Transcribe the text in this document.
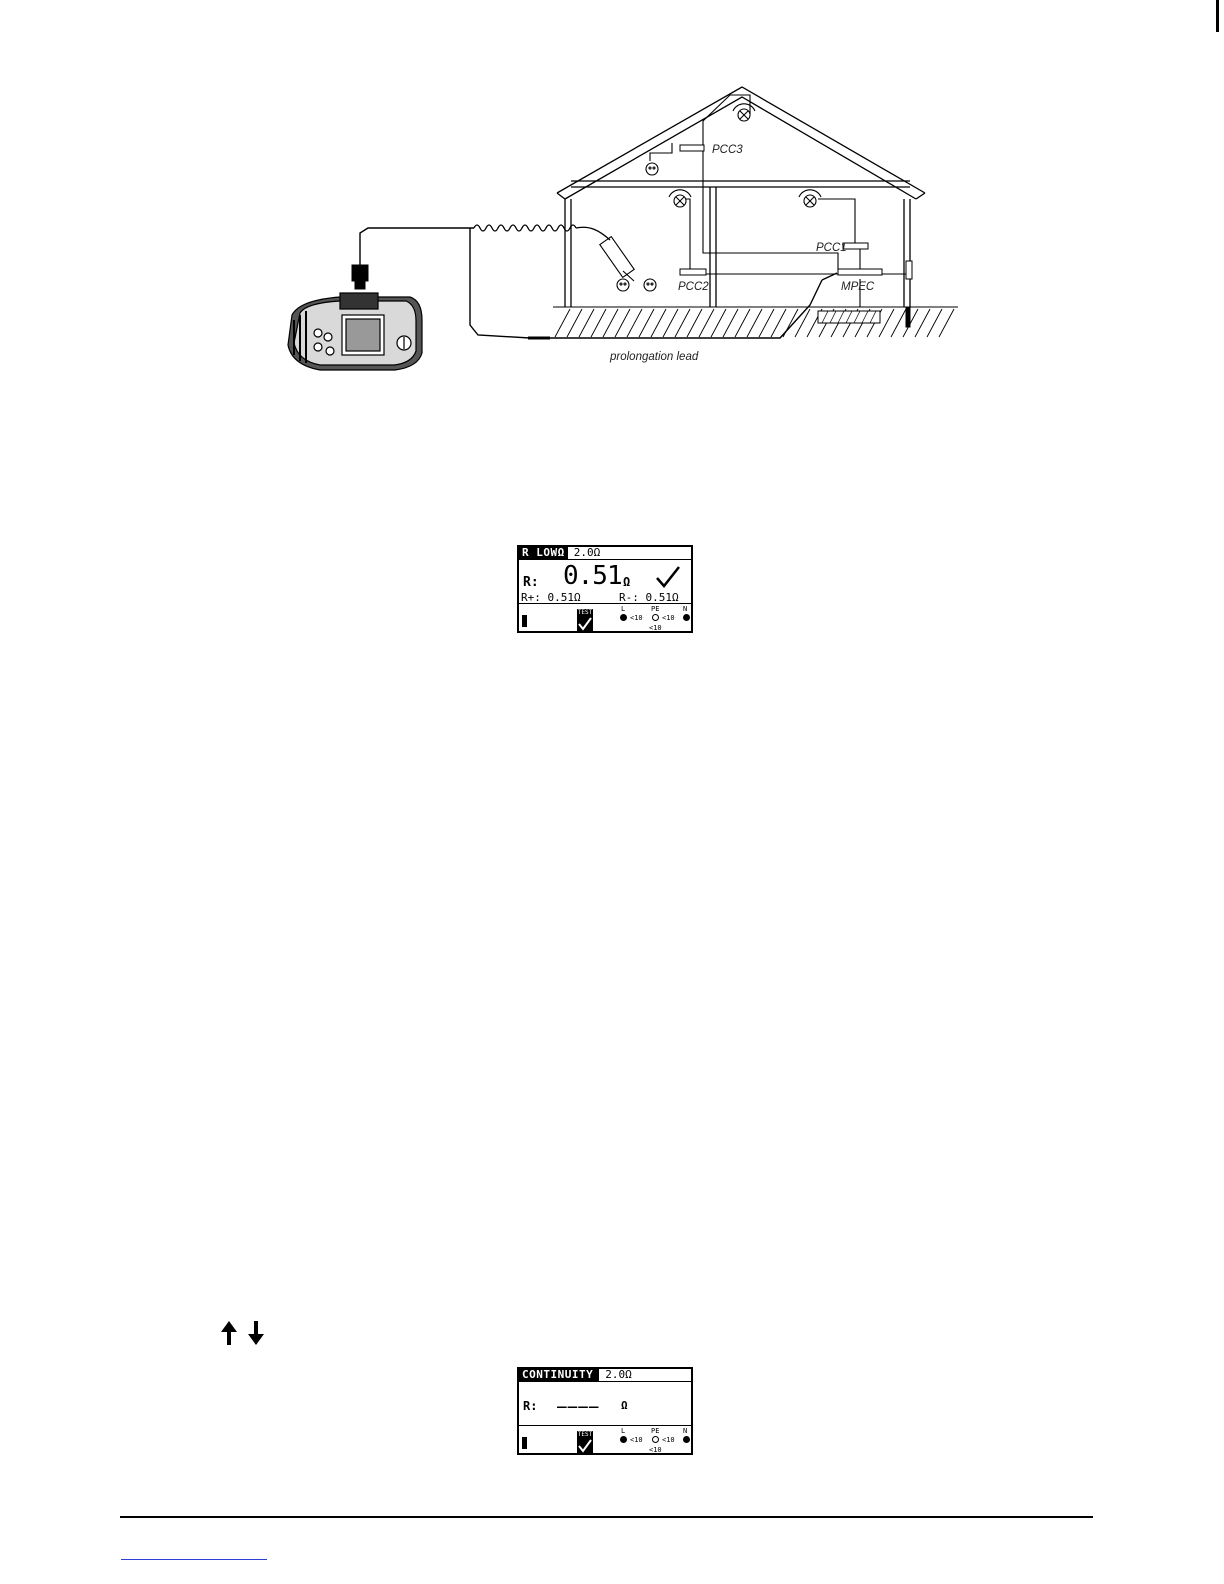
PCC3
PCC1
PCC2	MPEC
prolongation lead
R LOWΩ 2.0Ω
R: 0.51 Ω
R+: 0.51Ω	R-: 0.51Ω
TEST	L	PE	N
<10	<10
<10
CONTINUITY	2.0Ω
R: ____ Ω
TEST	L	PE	N
<10	<10
<10
